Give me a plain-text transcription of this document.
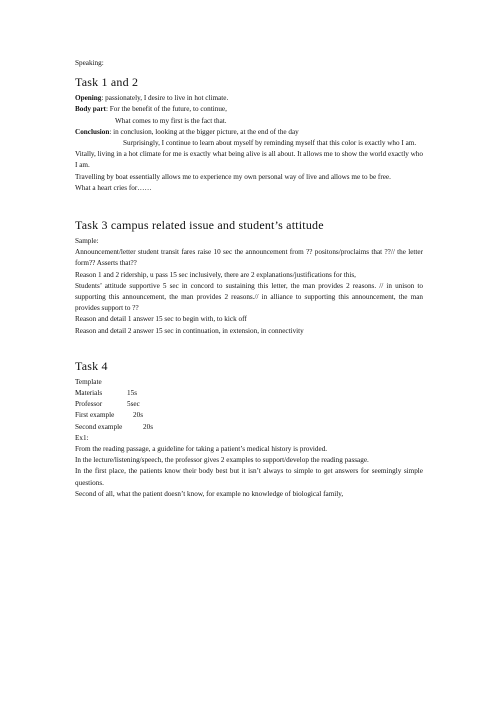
Speaking:

Task 1 and 2

Opening: passionately, I desire to live in hot climate.

Body part: For the benefit of the future, to continue,

What comes to my first is the fact that.

Conclusion: in conclusion, looking at the bigger picture, at the end of the day

Surprisingly, I continue to learn about myself by reminding myself that this color is exactly who I am.

Vitally, living in a hot climate for me is exactly what being alive is all about. It allows me to show the world exactly who I am.

Travelling by boat essentially allows me to experience my own personal way of live and allows me to be free.

What a heart cries for……

Task 3 campus related issue and student’s attitude

Sample:

Announcement/letter student transit fares raise 10 sec the announcement from ?? positons/proclaims that ??// the letter form?? Asserts that??

Reason 1 and 2 ridership, u pass 15 sec inclusively, there are 2 explanations/justifications for this,

Students’ attitude supportive 5 sec in concord to sustaining this letter, the man provides 2 reasons. // in unison to supporting this announcement, the man provides 2 reasons.// in alliance to supporting this announcement, the man provides support to ??

Reason and detail 1 answer 15 sec to begin with, to kick off

Reason and detail 2 answer 15 sec in continuation, in extension, in connectivity

Task 4

Template

Materials	15s

Professor	5sec

First example	20s

Second example	20s

Ex1:

From the reading passage, a guideline for taking a patient’s medical history is provided.

In the lecture/listening/speech, the professor gives 2 examples to support/develop the reading passage.

In the first place, the patients know their body best but it isn’t always to simple to get answers for seemingly simple questions.

Second of all, what the patient doesn’t know, for example no knowledge of biological family,
